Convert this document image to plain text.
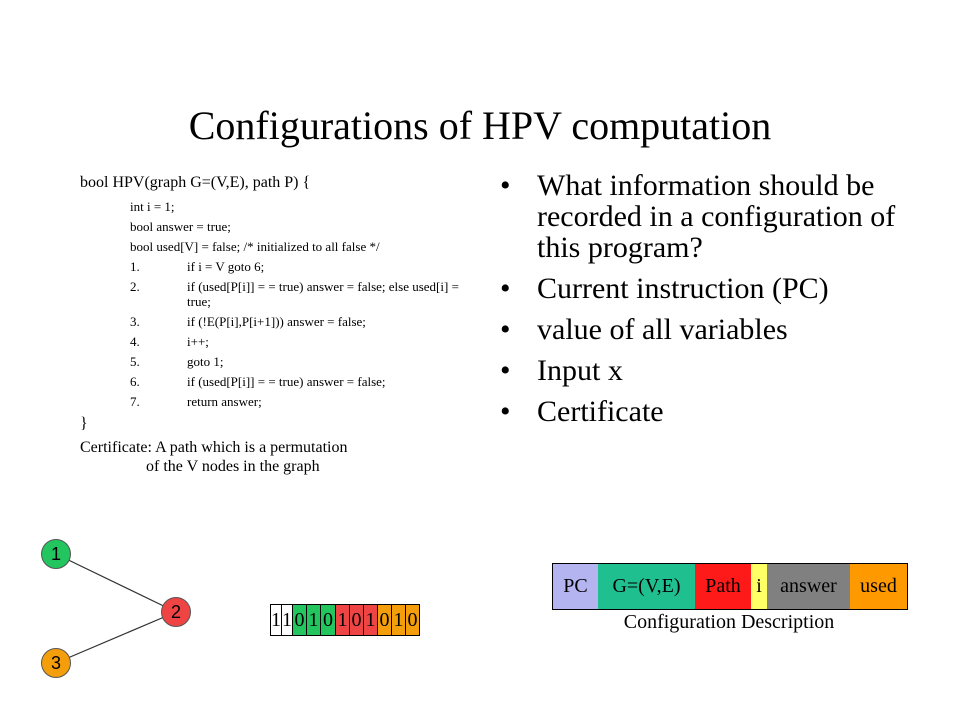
Configurations of HPV computation
bool HPV(graph G=(V,E), path P) {
int i = 1;
bool answer = true;
bool used[V] = false; /* initialized to all false */
1.	if i = V goto 6;
2.	if (used[P[i]] = = true) answer = false; else used[i] = true;
3.	if (!E(P[i],P[i+1])) answer = false;
4.	i++;
5.	goto 1;
6.	if (used[P[i]] = = true) answer = false;
7.	return answer;
}
Certificate: A path which is a permutation
of the V nodes in the graph
• What information should be recorded in a configuration of this program?
• Current instruction (PC)
• value of all variables
• Input x
• Certificate
1
2
3
1 1 0 1 0 1 0 1 0 1 0
PC	G=(V,E)	Path i answer	used
Configuration Description
